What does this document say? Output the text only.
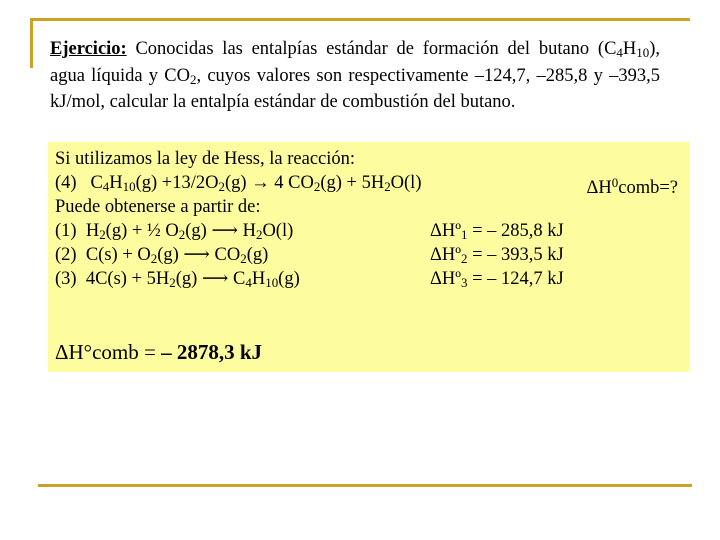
Ejercicio: Conocidas las entalpías estándar de formación del butano $(C_4H_{10})$, agua líquida y $CO_2$, cuyos valores son respectivamente –124,7, –285,8 y –393,5 kJ/mol, calcular la entalpía estándar de combustión del butano.
Si utilizamos la ley de Hess, la reacción:
(4) $C_4H_{10}(g) +13/2O_2(g) \to 4$ $CO_2(g) + 5H_2O(l)$	$\Delta H^0comb=$?
Puede obtenerse a partir de:
(1) $H_2(g)$ + ½ $O_2(g)$ ⟶ $H_2O(l)$	ΔHº$_1$ = – 285,8 kJ
(2) $C(s) + O_2(g)$ ⟶ $CO_2(g)$	ΔHº$_2$ = – 393,5 kJ
(3) $4C(s) + 5H_2(g)$ ⟶ $C_4H_{10}(g)$	ΔHº$_3$ = – 124,7 kJ
ΔH°comb = – 2878,3 kJ
